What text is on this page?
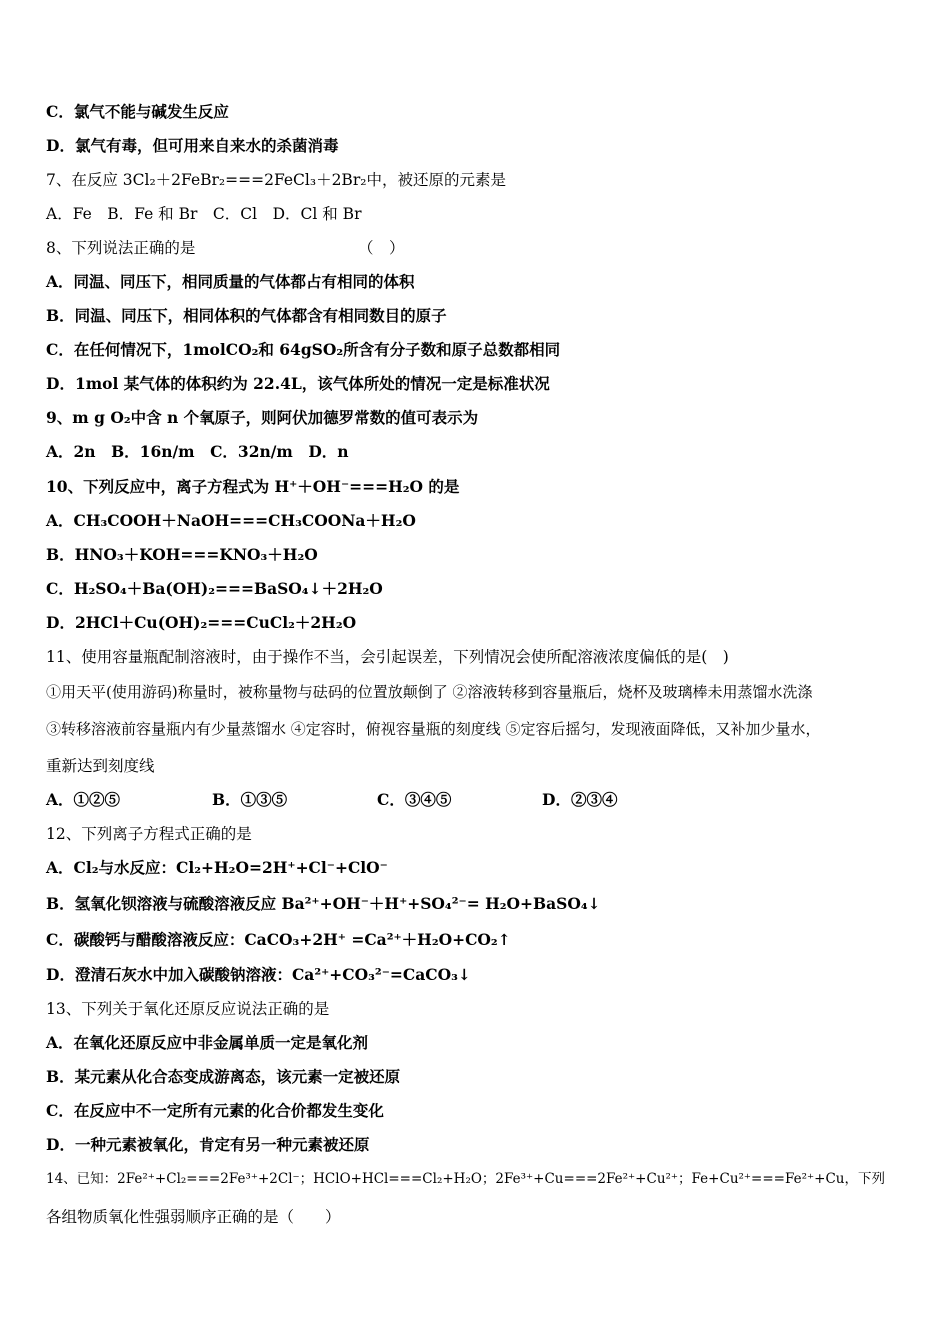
C．氯气不能与碱发生反应
D．氯气有毒，但可用来自来水的杀菌消毒
7、在反应 3Cl₂＋2FeBr₂===2FeCl₃＋2Br₂中，被还原的元素是
A．Fe　B．Fe 和 Br　C．Cl　D．Cl 和 Br
8、下列说法正确的是	（　）
A．同温、同压下，相同质量的气体都占有相同的体积
B．同温、同压下，相同体积的气体都含有相同数目的原子
C．在任何情况下，1molCO₂和 64gSO₂所含有分子数和原子总数都相同
D．1mol 某气体的体积约为 22.4L，该气体所处的情况一定是标准状况
9、m g O₂中含 n 个氧原子，则阿伏加德罗常数的值可表示为
A．2n　B．16n/m　C．32n/m　D．n
10、下列反应中，离子方程式为 H⁺＋OH⁻===H₂O 的是
A．CH₃COOH＋NaOH===CH₃COONa＋H₂O
B．HNO₃＋KOH===KNO₃＋H₂O
C．H₂SO₄＋Ba(OH)₂===BaSO₄↓＋2H₂O
D．2HCl＋Cu(OH)₂===CuCl₂＋2H₂O
11、使用容量瓶配制溶液时，由于操作不当，会引起误差，下列情况会使所配溶液浓度偏低的是(　)
①用天平(使用游码)称量时，被称量物与砝码的位置放颠倒了 ②溶液转移到容量瓶后，烧杯及玻璃棒未用蒸馏水洗涤
③转移溶液前容量瓶内有少量蒸馏水 ④定容时，俯视容量瓶的刻度线 ⑤定容后摇匀，发现液面降低，又补加少量水，
重新达到刻度线
A．①②⑤	B．①③⑤	C．③④⑤	D．②③④
12、下列离子方程式正确的是
A．Cl₂与水反应：Cl₂+H₂O=2H⁺+Cl⁻+ClO⁻
B．氢氧化钡溶液与硫酸溶液反应 Ba²⁺+OH⁻＋H⁺+SO₄²⁻= H₂O+BaSO₄↓
C．碳酸钙与醋酸溶液反应：CaCO₃+2H⁺ =Ca²⁺＋H₂O+CO₂↑
D．澄清石灰水中加入碳酸钠溶液：Ca²⁺+CO₃²⁻=CaCO₃↓
13、下列关于氧化还原反应说法正确的是
A．在氧化还原反应中非金属单质一定是氧化剂
B．某元素从化合态变成游离态，该元素一定被还原
C．在反应中不一定所有元素的化合价都发生变化
D．一种元素被氧化，肯定有另一种元素被还原
14、已知：2Fe²⁺+Cl₂===2Fe³⁺+2Cl⁻；HClO+HCl===Cl₂+H₂O；2Fe³⁺+Cu===2Fe²⁺+Cu²⁺；Fe+Cu²⁺===Fe²⁺+Cu，下列
各组物质氧化性强弱顺序正确的是（　　）
